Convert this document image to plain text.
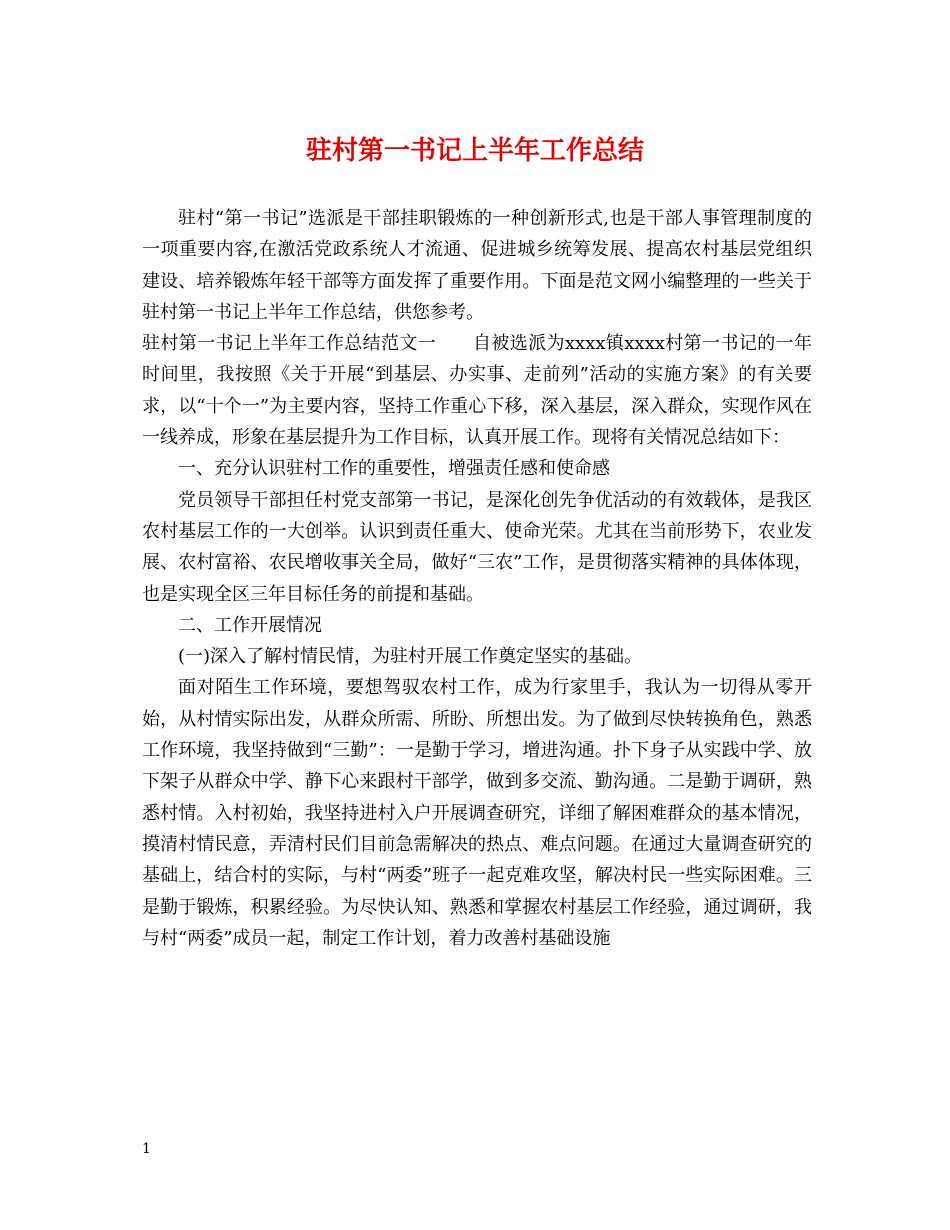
驻村第一书记上半年工作总结

驻村“第一书记”选派是干部挂职锻炼的一种创新形式,也是干部人事管理制度的一项重要内容,在激活党政系统人才流通、促进城乡统筹发展、提高农村基层党组织建设、培养锻炼年轻干部等方面发挥了重要作用。下面是范文网小编整理的一些关于驻村第一书记上半年工作总结，供您参考。

驻村第一书记上半年工作总结范文一　　自被选派为xxxx镇xxxx村第一书记的一年时间里，我按照《关于开展“到基层、办实事、走前列”活动的实施方案》的有关要求，以“十个一”为主要内容，坚持工作重心下移，深入基层，深入群众，实现作风在一线养成，形象在基层提升为工作目标，认真开展工作。现将有关情况总结如下：

一、充分认识驻村工作的重要性，增强责任感和使命感

党员领导干部担任村党支部第一书记，是深化创先争优活动的有效载体，是我区农村基层工作的一大创举。认识到责任重大、使命光荣。尤其在当前形势下，农业发展、农村富裕、农民增收事关全局，做好“三农”工作，是贯彻落实精神的具体体现，也是实现全区三年目标任务的前提和基础。

二、工作开展情况

(一)深入了解村情民情，为驻村开展工作奠定坚实的基础。

面对陌生工作环境，要想驾驭农村工作，成为行家里手，我认为一切得从零开始，从村情实际出发，从群众所需、所盼、所想出发。为了做到尽快转换角色，熟悉工作环境，我坚持做到“三勤”：一是勤于学习，增进沟通。扑下身子从实践中学、放下架子从群众中学、静下心来跟村干部学，做到多交流、勤沟通。二是勤于调研，熟悉村情。入村初始，我坚持进村入户开展调查研究，详细了解困难群众的基本情况，摸清村情民意，弄清村民们目前急需解决的热点、难点问题。在通过大量调查研究的基础上，结合村的实际，与村“两委”班子一起克难攻坚，解决村民一些实际困难。三是勤于锻炼，积累经验。为尽快认知、熟悉和掌握农村基层工作经验，通过调研，我与村“两委”成员一起，制定工作计划，着力改善村基础设施

1
